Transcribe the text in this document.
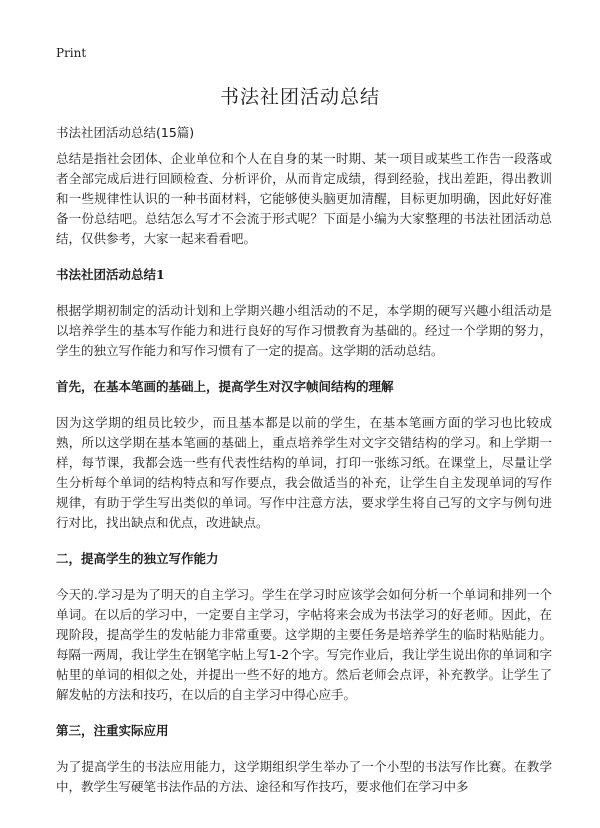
Print
书法社团活动总结

书法社团活动总结(15篇)

总结是指社会团体、企业单位和个人在自身的某一时期、某一项目或某些工作告一段落或者全部完成后进行回顾检查、分析评价，从而肯定成绩，得到经验，找出差距，得出教训和一些规律性认识的一种书面材料，它能够使头脑更加清醒，目标更加明确，因此好好准备一份总结吧。总结怎么写才不会流于形式呢？下面是小编为大家整理的书法社团活动总结，仅供参考，大家一起来看看吧。

书法社团活动总结1

根据学期初制定的活动计划和上学期兴趣小组活动的不足，本学期的硬写兴趣小组活动是以培养学生的基本写作能力和进行良好的写作习惯教育为基础的。经过一个学期的努力，学生的独立写作能力和写作习惯有了一定的提高。这学期的活动总结。

首先，在基本笔画的基础上，提高学生对汉字帧间结构的理解

因为这学期的组员比较少，而且基本都是以前的学生，在基本笔画方面的学习也比较成熟，所以这学期在基本笔画的基础上，重点培养学生对文字交错结构的学习。和上学期一样，每节课，我都会选一些有代表性结构的单词，打印一张练习纸。在课堂上，尽量让学生分析每个单词的结构特点和写作要点，我会做适当的补充，让学生自主发现单词的写作规律，有助于学生写出类似的单词。写作中注意方法，要求学生将自己写的文字与例句进行对比，找出缺点和优点，改进缺点。

二，提高学生的独立写作能力

今天的.学习是为了明天的自主学习。学生在学习时应该学会如何分析一个单词和排列一个单词。在以后的学习中，一定要自主学习，字帖将来会成为书法学习的好老师。因此，在现阶段，提高学生的发帖能力非常重要。这学期的主要任务是培养学生的临时粘贴能力。每隔一两周，我让学生在钢笔字帖上写1-2个字。写完作业后，我让学生说出你的单词和字帖里的单词的相似之处，并提出一些不好的地方。然后老师会点评，补充教学。让学生了解发帖的方法和技巧，在以后的自主学习中得心应手。

第三，注重实际应用

为了提高学生的书法应用能力，这学期组织学生举办了一个小型的书法写作比赛。在教学中，教学生写硬笔书法作品的方法、途径和写作技巧，要求他们在学习中多
